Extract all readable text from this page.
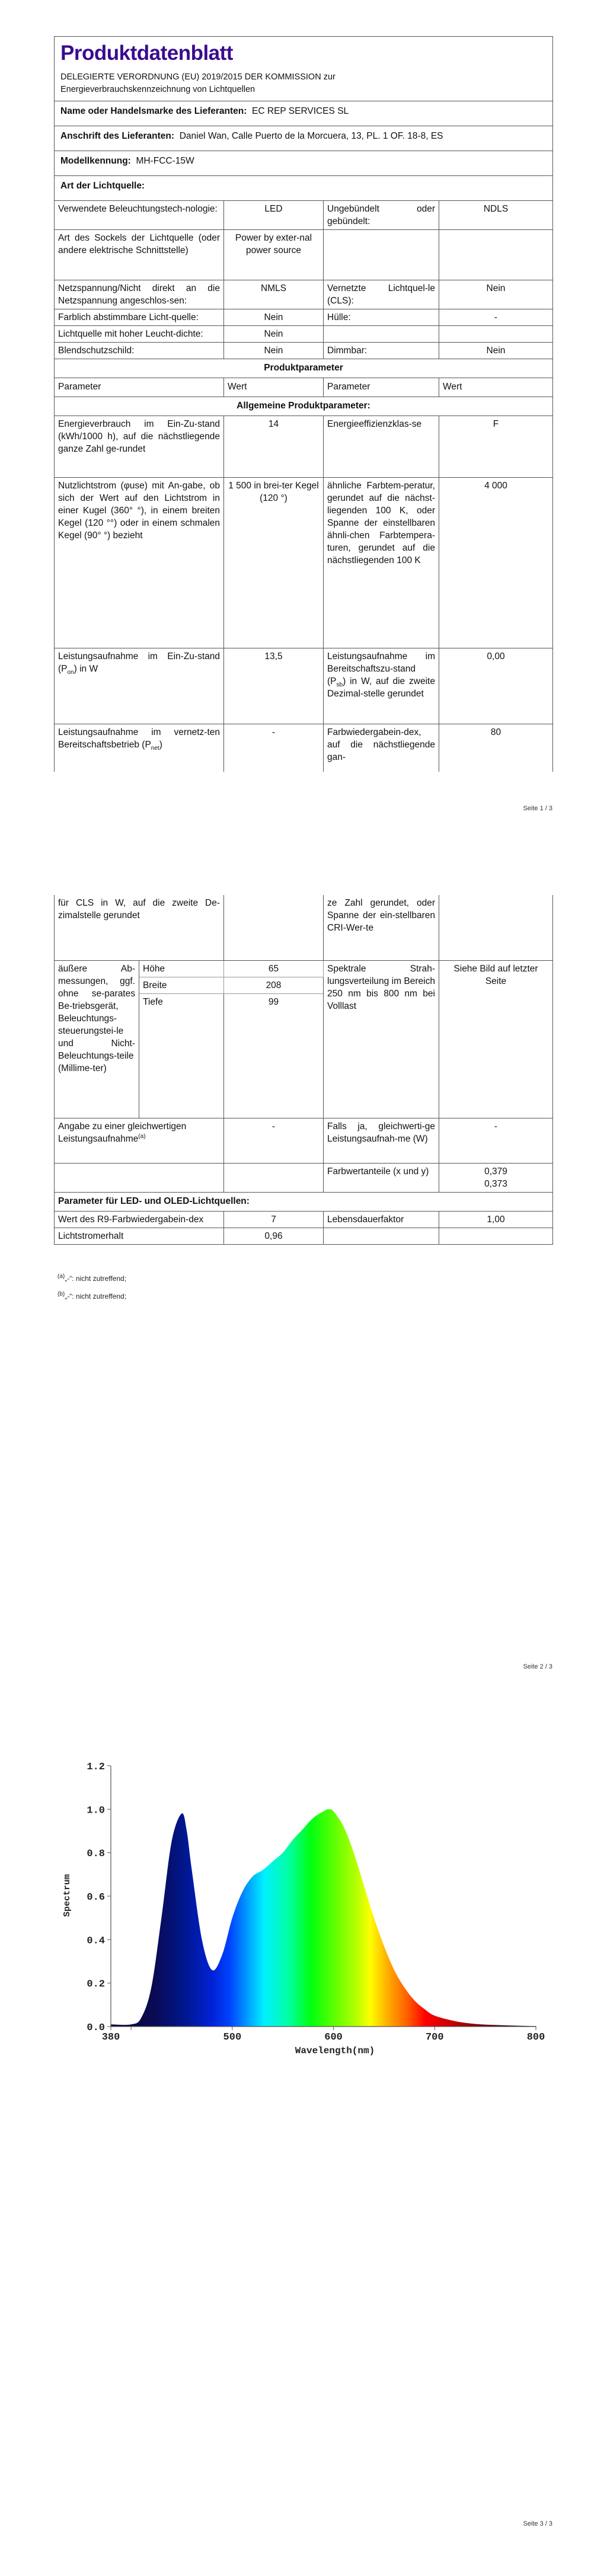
Produktdatenblatt
DELEGIERTE VERORDNUNG (EU) 2019/2015 DER KOMMISSION zur Energieverbrauchskennzeichnung von Lichtquellen			

Name oder Handelsmarke des Lieferanten: EC REP SERVICES SL			
Anschrift des Lieferanten: Daniel Wan, Calle Puerto de la Morcuera, 13, PL. 1 OF. 18-8, ES			
Modellkennung: MH-FCC-15W			
Art der Lichtquelle:			
Verwendete Beleuchtungstech-nologie:	LED	Ungebündelt oder gebündelt:	NDLS
Art des Sockels der Lichtquelle (oder andere elektrische Schnittstelle)	Power by exter-nal power source		
Netzspannung/Nicht direkt an die Netzspannung angeschlos-sen:	NMLS	Vernetzte Lichtquel-le (CLS):	Nein
Farblich abstimmbare Licht-quelle:	Nein	Hülle:	-
Lichtquelle mit hoher Leucht-dichte:	Nein		
Blendschutzschild:	Nein	Dimmbar:	Nein
Produktparameter			
Parameter	Wert	Parameter	Wert
Allgemeine Produktparameter:			
Energieverbrauch im Ein-Zu-stand (kWh/1000 h), auf die nächstliegende ganze Zahl ge-rundet	14	Energieeffizienzklas-se	F
Nutzlichtstrom (φuse) mit An-gabe, ob sich der Wert auf den Lichtstrom in einer Kugel (360° °), in einem breiten Kegel (120 °°) oder in einem schmalen Kegel (90° °) bezieht	1 500 in brei-ter Kegel (120 °)	ähnliche Farbtem-peratur, gerundet auf die nächst-liegenden 100 K, oder Spanne der einstellbaren ähnli-chen Farbtempera-turen, gerundet auf die nächstliegenden 100 K	4 000
Leistungsaufnahme im Ein-Zu-stand $(P_{on})$ in W	13,5	Leistungsaufnahme im Bereitschaftszu-stand $(P_{sb})$ in W, auf die zweite Dezimal-stelle gerundet	0,00
Leistungsaufnahme im vernetz-ten Bereitschaftsbetrieb $(P_{net})$	-	Farbwiedergabein-dex, auf die nächstliegende gan-	80
Seite 1 / 3
für CLS in W, auf die zweite De-zimalstelle gerundet			ze Zahl gerundet, oder Spanne der ein-stellbaren CRI-Wer-te	
äußere Ab-messungen, ggf. ohne se-parates Be-triebsgerät, Beleuchtungs-steuerungstei-le und Nicht-Beleuchtungs-teile (Millime-ter)	Höhe	65	Spektrale Strah-lungsverteilung im Bereich 250 nm bis 800 nm bei Volllast	Siehe Bild auf letzter Seite
	Breite	208		
	Tiefe	99		
Angabe zu einer gleichwertigen Leistungsaufnahme$^{(a)}$		-	Falls ja, gleichwerti-ge Leistungsaufnah-me (W)	-
			Farbwertanteile (x und y)	0,379
0,373

Parameter für LED- und OLED-Lichtquellen:				
Wert des R9-Farbwiedergabein-dex		7	Lebensdauerfaktor	1,00
Lichtstromerhalt		0,96		
$^{(a)}$„-“: nicht zutreffend;
$^{(b)}$„-“: nicht zutreffend;
Seite 2 / 3
0.0
0.2
0.4
0.6
0.8
1.0
1.2
380	500	600	700	800
Spectrum
Wavelength(nm)
Seite 3 / 3
